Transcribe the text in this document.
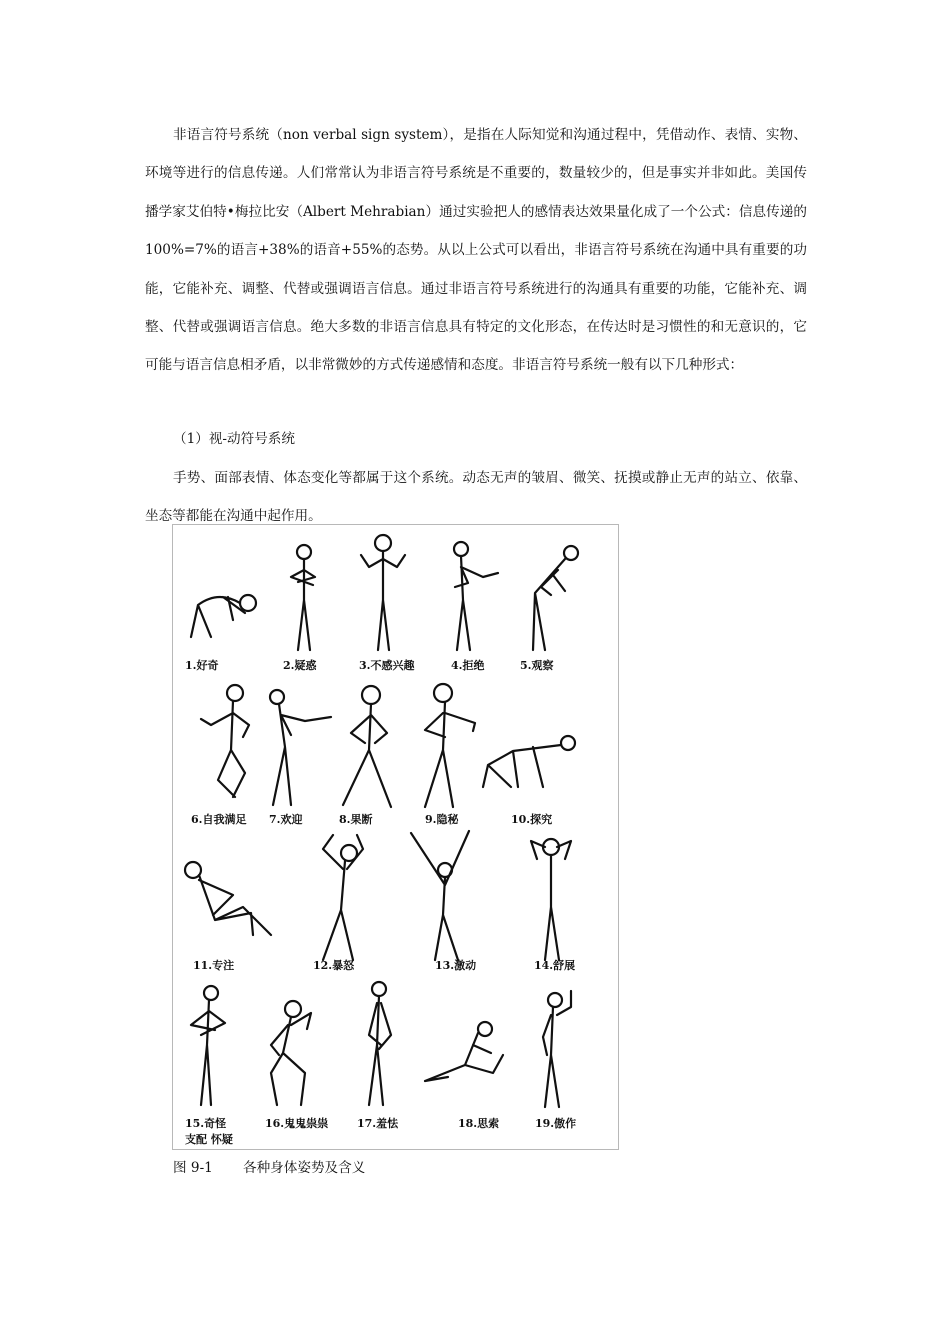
非语言符号系统（non verbal sign system），是指在人际知觉和沟通过程中，凭借动作、表情、实物、环境等进行的信息传递。人们常常认为非语言符号系统是不重要的，数量较少的，但是事实并非如此。美国传播学家艾伯特•梅拉比安（Albert Mehrabian）通过实验把人的感情表达效果量化成了一个公式：信息传递的 100%=7%的语言+38%的语音+55%的态势。从以上公式可以看出，非语言符号系统在沟通中具有重要的功能，它能补充、调整、代替或强调语言信息。通过非语言符号系统进行的沟通具有重要的功能，它能补充、调整、代替或强调语言信息。绝大多数的非语言信息具有特定的文化形态，在传达时是习惯性的和无意识的，它可能与语言信息相矛盾，以非常微妙的方式传递感情和态度。非语言符号系统一般有以下几种形式：

（1）视-动符号系统

手势、面部表情、体态变化等都属于这个系统。动态无声的皱眉、微笑、抚摸或静止无声的站立、依靠、坐态等都能在沟通中起作用。

1.好奇	2.疑惑	3.不感兴趣	4.拒绝	5.观察
6.自我满足 7.欢迎	8.果断	9.隐秘	10.探究
11.专注	12.暴怒	13.激动	14.舒展
15.奇怪
支配 怀疑
16.鬼鬼祟祟	17.羞怯	18.思索	19.傲作
图 9-1 各种身体姿势及含义
